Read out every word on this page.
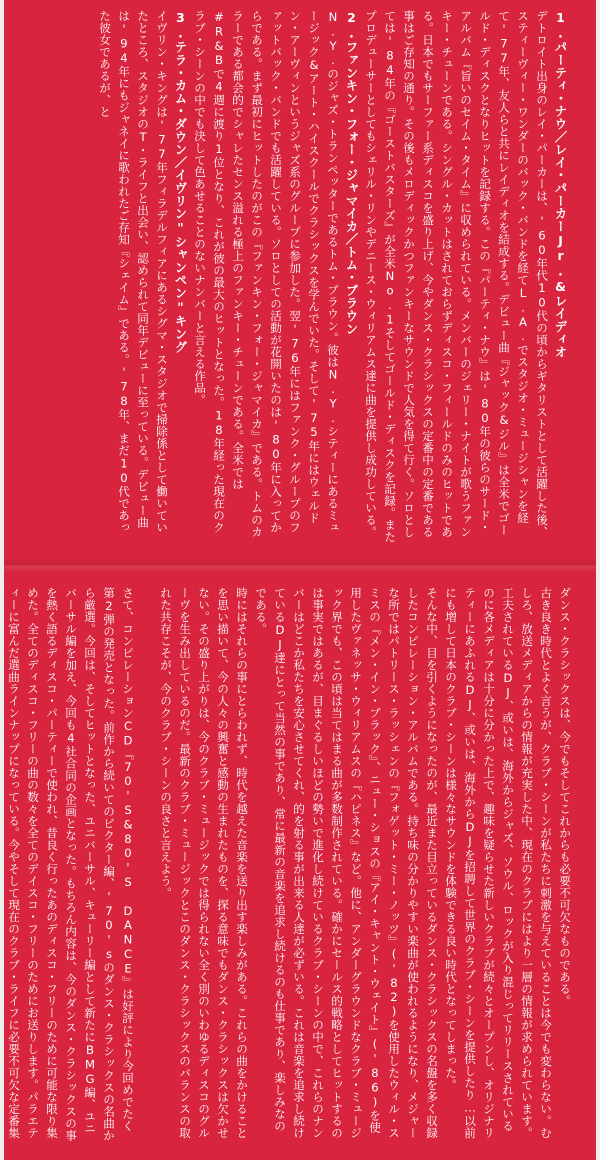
1.パーティ・ナウ／レイ・パーカーJr.&レイディオ

デトロイト出身のレイ・パーカーは、'60年代10代の頃からギタリストとして活躍した後、スティーヴィー・ワンダーのバック・バンドを経てL.A.でスタジオ・ミュージシャンを経て'77年、友人らと共にレイディオを結成する。デビュー曲『ジャック&ジル』は全米でゴールド・ディスクとなりヒットを記録する。この『パーティ・ナウ』は'80年の彼らのサード・アルバム『旨いのセイム・タイム』に収められている。メンバーのジェリー・ナイトが歌うファンキー・チューンである。シングル・カットはされておらずディスコ・フィールドのみのヒットである。日本でもサーファー系ディスコを盛り上げ、今やダンス・クラシックスの定番中の定番である事はご存知の通り。その後もメロディックかつファンキーなサウンドで人気を得て行く。ソロとしては'84年の『ゴーストバスターズ』が全米No.1そしてゴールド・ディスクを記録。またプロデューサーとしてもシェリル・リンやデニース・ウィリアムス達に曲を提供し成功している。

2.ファンキン・フォー・ジャマイカ／トム・ブラウン

N.Y.のジャズ・トランペッターであるトム・ブラウン。彼はN.Y.シティーにあるミュージック&アート・ハイスクールでクラシックスを学んでいた。そして'75年にはウェルドン・アーヴィンというジャズ系のグループに参加した。翌'76年にはファンク・グループのファットバック・バンドでも活躍している。ソロとしての活動が花開いたのは'80年に入ってからである。まず最初にヒットしたのがこの『ファンキン・フォー・ジャマイカ』である。トムのカラーである都会的でシャレたセンス溢れる極上のファンキー・チューンである。全米では#R&Bで4週に渡り1位となり、これが彼の最大のヒットとなった。18年経った現在のクラブ・シーンの中でも決して色あせることのないナンバーと言える作品。

3.テラ・カム・ダウン／イヴリン"シャンペン"キング

イヴリン・キングは'77年フィラデルフィアにあるシグマ・スタジオで掃除係として働いていたところ、スタジオのT・ライフと出会い、認められて同年デビューに至っている。デビュー曲は'94年にもジャネイに歌われたご存知『シェイム』である。'78年、まだ10代であった彼女であるが、と

ダンス・クラシックスは、今でもそしてこれからも必要不可欠なものである。

古き良き時代とよく言うが、クラブ・シーンが私たちに刺激を与えていることは今でも変わらない。むしろ、放送メディアからの情報が充実した中、現在のクラブにはより一層の情報が求められています。工夫されているDJ、或いは、海外からジャズ、ソウル、ロックが入り混じってリリースされているのに各メディアは十分に分かった上で、趣味を疑らせた新しいクラブが続々とオープンし、オリジナリティーにあふれるDJ、或いは、海外からDJを招聘して世界のクラブ・シーンを提供したり…以前にも増して日本のクラブ・シーンは様々なサウンドを体験できる良い時代となってしまった。

そんな中、目を引くようになったのが、最近また目立っているダンス・クラシックスの名盤を多く収録したコンピレーション・アルバムである。持ち味の分かりやすい楽曲が使われるようになり、メジャーな所ではパトリース・ラッシェンの『フォゲット・ミー・ノッツ』('82)を使用したウィル・スミスの『メン・イン・ブラック』、ニュー・ショスの『アイ・キャント・ウェイト』('86)を使用したヴァネッサ・ウィリアムスの『ハピネス』など。他に、アンダーグラウンドなクラブ・ミュージック界でも、この頃は当てはまる曲が多数制作されている。確かにセールス的戦略としてヒットするのは事実ではあるが、目まぐるしいほどの勢いで進化し続けているクラブ・シーンの中で、これらのナンバーはどこか私たちを安心させてくれ、的を射る事が出来る人達が必ずいる。これは音楽を追求し続けているDJ達にとって当然の事であり、常に最新の音楽を追求し続けるのも仕事であり、楽しみなのである。

時にはそれらの事にとらわれず、時代を越えた音楽を送り出す楽しみがある。これらの曲をかけることを思い描いて、今の人々の興奮と感動の生まれたものを、探る意味でもダンス・クラシックスは欠かせない。その盛り上がりは、今のクラブ・ミュージックでは得られない全く別のいわゆるディスコのグルーヴを生み出しているのだ。最新のクラブ・ミュージックとこのダンス・クラシックスのバランスの取れた共存こそが、今のクラブ・シーンの良さと言えよう。

さて、コンピレーションCD『70'S&80'S DANCE』は好評により今回めでたく第2弾の発売となった。前作から続いてのビクター編、'70'sのダンス・クラシックスの名曲から厳選。今回は、そしてヒットとなった、ユニバーサル、キューリー編として新たにBMG編、ユニバーサル編を加え、今回も4社合同の企画となった。もちろん内容は、今のダンス・クラシックスの事を熱く語るディスコ・パーティーで使われ、昔良く行ったあのディスコ・フリーのために可能な限り集めた。全てのディスコ・フリーの曲の数々を全てのデイスコ・フリーのためにお送りします。パラエティーに富んだ選曲ラインナップになっている。今やそして現在のクラブ・ライフに必要不可欠な定番集
